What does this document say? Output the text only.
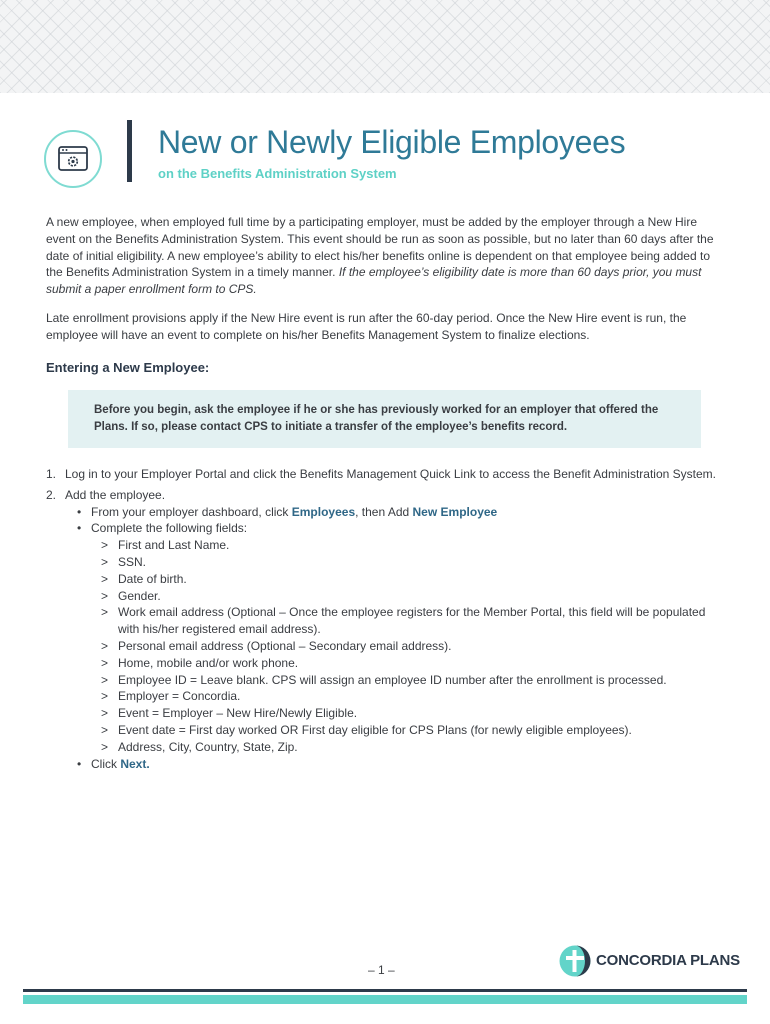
New or Newly Eligible Employees
on the Benefits Administration System

A new employee, when employed full time by a participating employer, must be added by the employer through a New Hire event on the Benefits Administration System. This event should be run as soon as possible, but no later than 60 days after the date of initial eligibility. A new employee’s ability to elect his/her benefits online is dependent on that employee being added to the Benefits Administration System in a timely manner. If the employee’s eligibility date is more than 60 days prior, you must submit a paper enrollment form to CPS.

Late enrollment provisions apply if the New Hire event is run after the 60-day period. Once the New Hire event is run, the employee will have an event to complete on his/her Benefits Management System to finalize elections.

Entering a New Employee:
Before you begin, ask the employee if he or she has previously worked for an employer that offered the Plans. If so, please contact CPS to initiate a transfer of the employee’s benefits record.
1. Log in to your Employer Portal and click the Benefits Management Quick Link to access the Benefit Administration System.
2. Add the employee.
• From your employer dashboard, click Employees, then Add New Employee
• Complete the following fields:
> First and Last Name.
> SSN.
> Date of birth.
> Gender.
> Work email address (Optional – Once the employee registers for the Member Portal, this field will be populated with his/her registered email address).
> Personal email address (Optional – Secondary email address).
> Home, mobile and/or work phone.
> Employee ID = Leave blank. CPS will assign an employee ID number after the enrollment is processed.
> Employer = Concordia.
> Event = Employer – New Hire/Newly Eligible.
> Event date = First day worked OR First day eligible for CPS Plans (for newly eligible employees).
> Address, City, Country, State, Zip.
• Click Next.
– 1 –
CONCORDIA PLANS
